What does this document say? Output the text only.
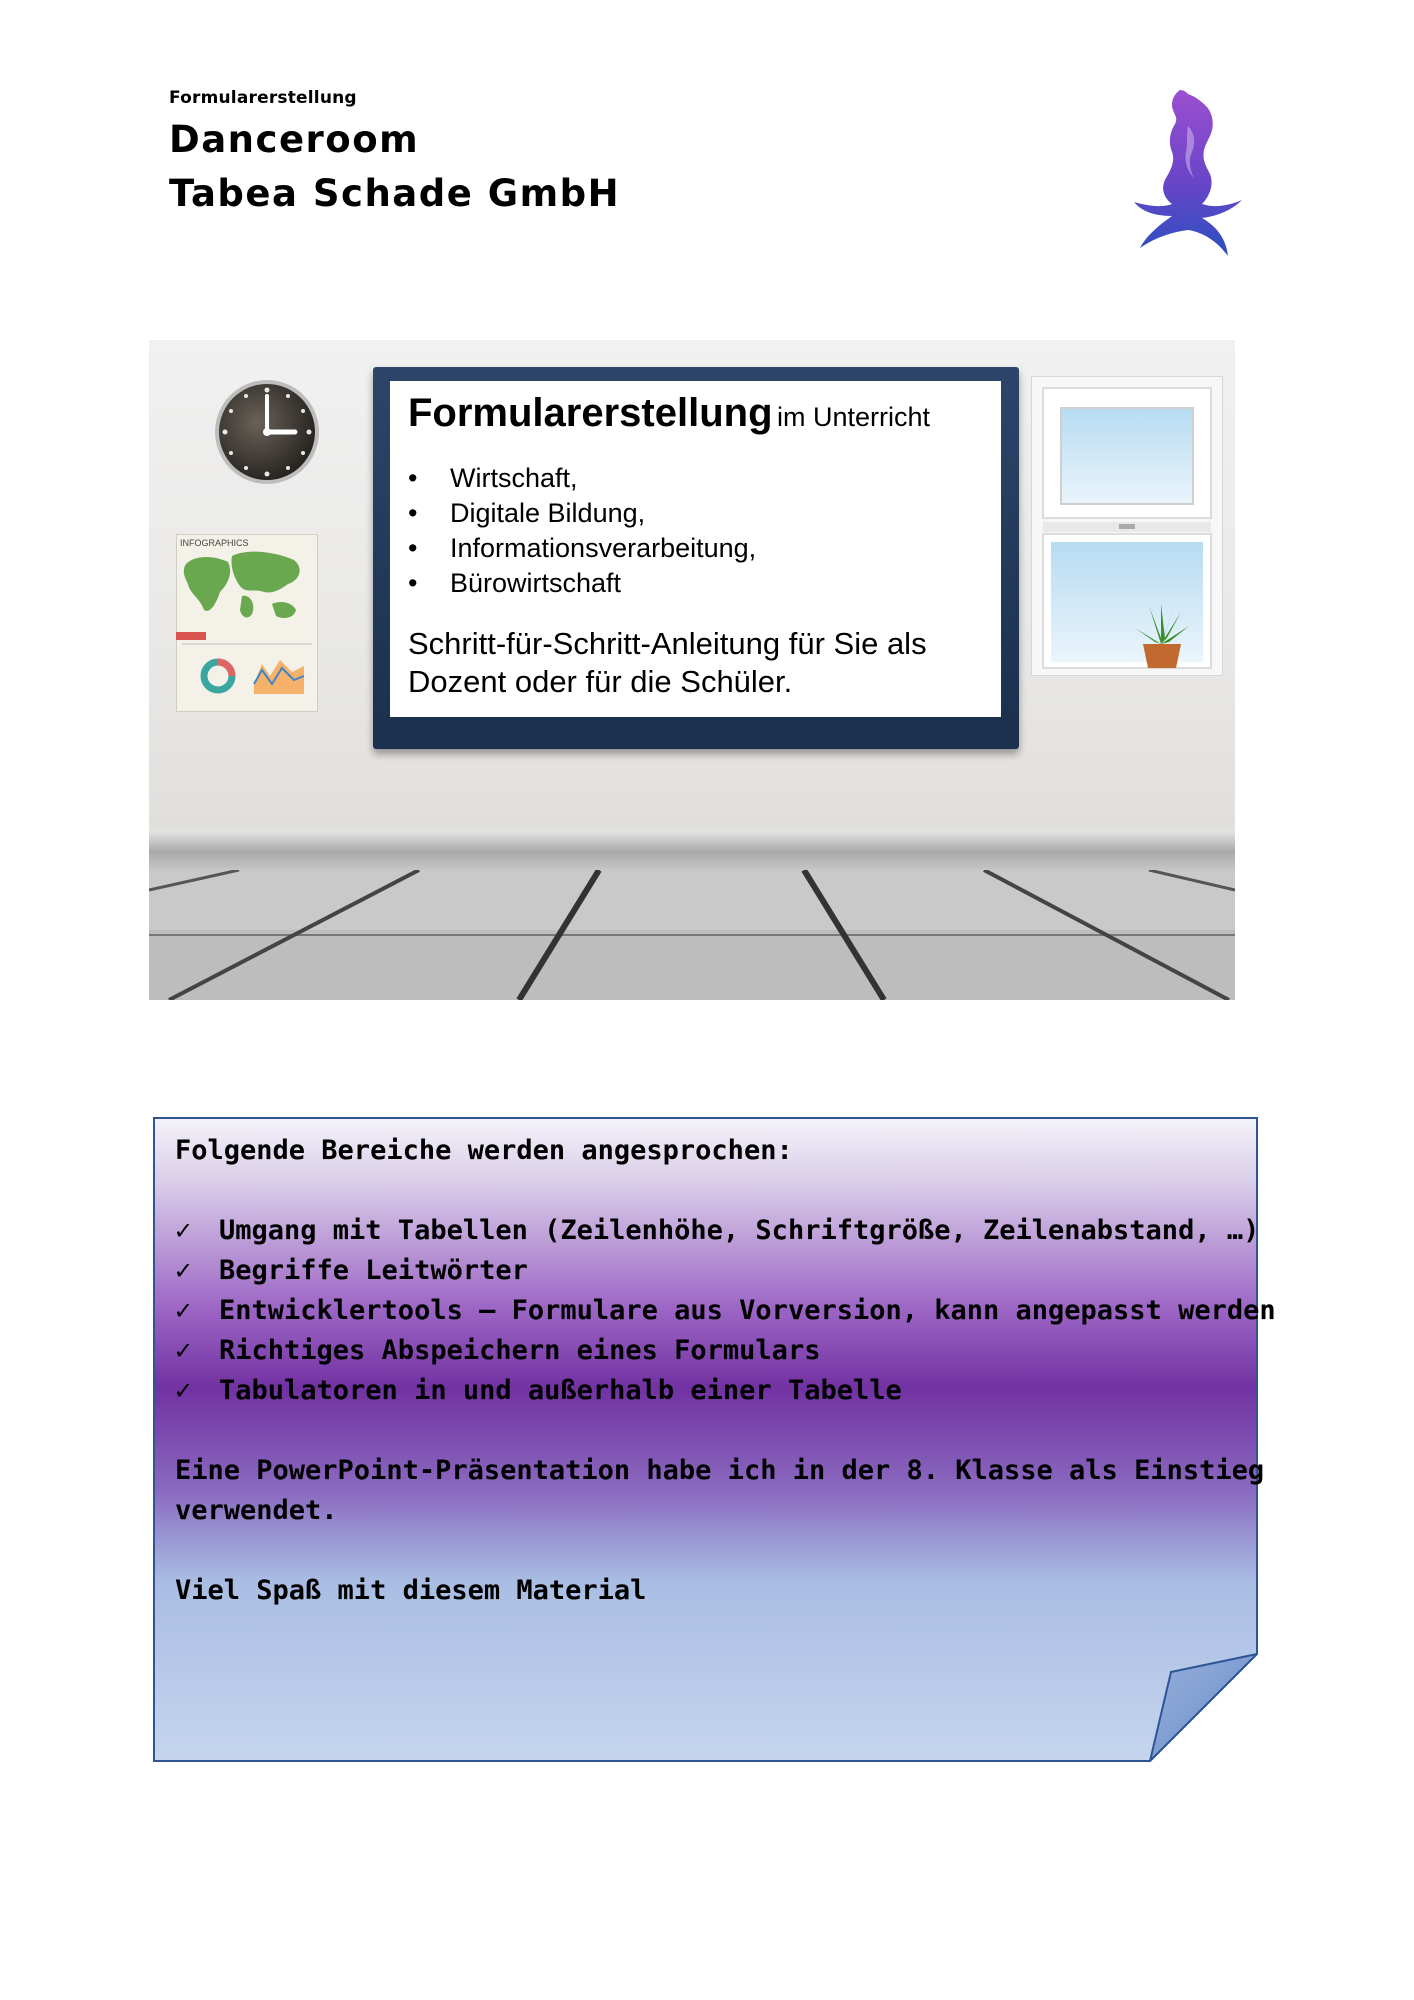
Formularerstellung
Danceroom
Tabea Schade GmbH
Formularerstellung im Unterricht
• Wirtschaft,
• Digitale Bildung,
• Informationsverarbeitung,
• Bürowirtschaft
Schritt-für-Schritt-Anleitung für Sie als Dozent oder für die Schüler.
INFOGRAPHICS
Folgende Bereiche werden angesprochen:
✓ Umgang mit Tabellen (Zeilenhöhe, Schriftgröße, Zeilenabstand, …)
✓ Begriffe Leitwörter
✓ Entwicklertools – Formulare aus Vorversion, kann angepasst werden
✓ Richtiges Abspeichern eines Formulars
✓ Tabulatoren in und außerhalb einer Tabelle
Eine PowerPoint-Präsentation habe ich in der 8. Klasse als Einstieg
verwendet.
Viel Spaß mit diesem Material
